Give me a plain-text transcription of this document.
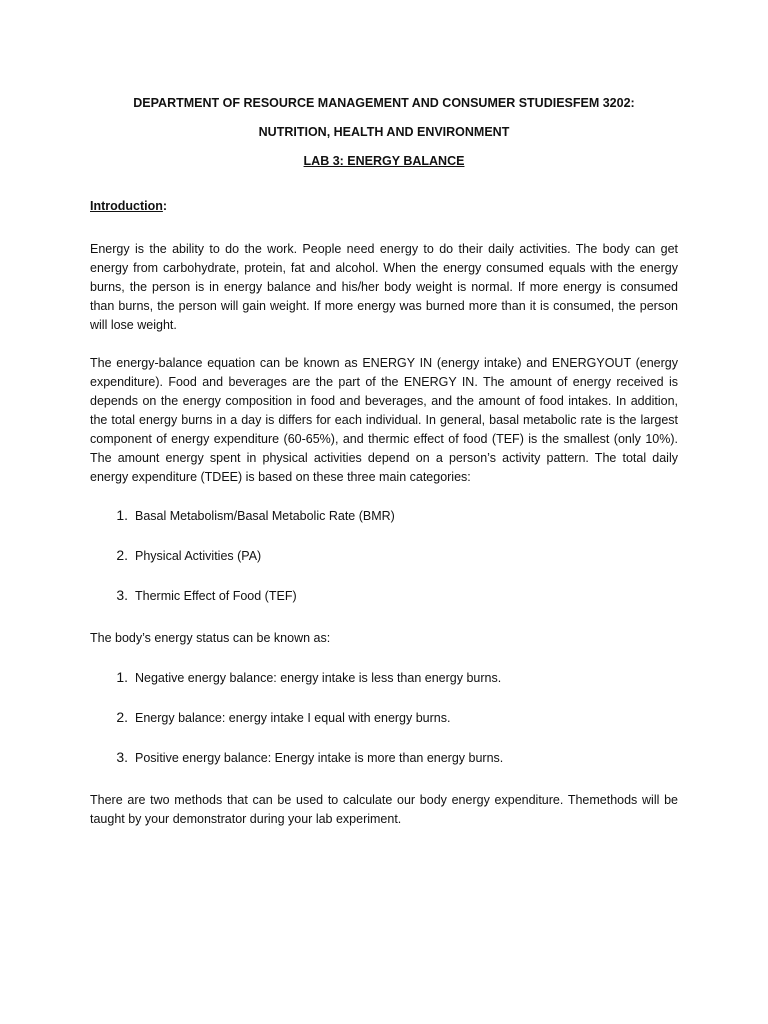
DEPARTMENT OF RESOURCE MANAGEMENT AND CONSUMER STUDIESFEM 3202:

NUTRITION, HEALTH AND ENVIRONMENT

LAB 3: ENERGY BALANCE

Introduction:

Energy is the ability to do the work. People need energy to do their daily activities. The body can get energy from carbohydrate, protein, fat and alcohol. When the energy consumed equals with the energy burns, the person is in energy balance and his/her body weight is normal. If more energy is consumed than burns, the person will gain weight. If more energy was burned more than it is consumed, the person will lose weight.

The energy-balance equation can be known as ENERGY IN (energy intake) and ENERGYOUT (energy expenditure). Food and beverages are the part of the ENERGY IN. The amount of energy received is depends on the energy composition in food and beverages, and the amount of food intakes. In addition, the total energy burns in a day is differs for each individual. In general, basal metabolic rate is the largest component of energy expenditure (60-65%), and thermic effect of food (TEF) is the smallest (only 10%). The amount energy spent in physical activities depend on a person’s activity pattern. The total daily energy expenditure (TDEE) is based on these three main categories:

1. Basal Metabolism/Basal Metabolic Rate (BMR)
2. Physical Activities (PA)
3. Thermic Effect of Food (TEF)

The body’s energy status can be known as:

1. Negative energy balance: energy intake is less than energy burns.
2. Energy balance: energy intake I equal with energy burns.
3. Positive energy balance: Energy intake is more than energy burns.

There are two methods that can be used to calculate our body energy expenditure. Themethods will be taught by your demonstrator during your lab experiment.
